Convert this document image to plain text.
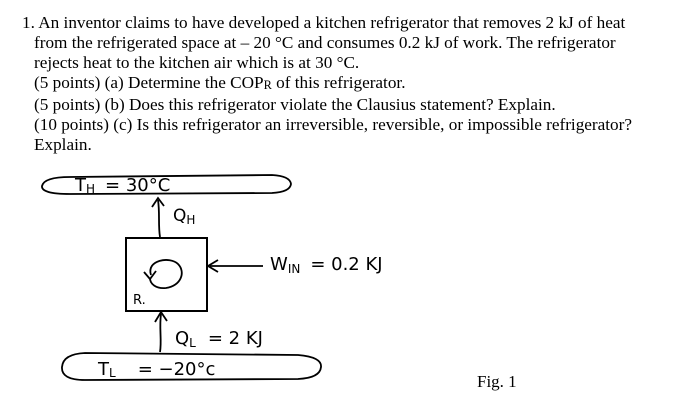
1. An inventor claims to have developed a kitchen refrigerator that removes 2 kJ of heat

from the refrigerated space at – 20 °C and consumes 0.2 kJ of work. The refrigerator

rejects heat to the kitchen air which is at 30 °C.

(5 points) (a) Determine the COPR of this refrigerator.

(5 points) (b) Does this refrigerator violate the Clausius statement? Explain.

(10 points) (c) Is this refrigerator an irreversible, reversible, or impossible refrigerator?

Explain.

TH = 30°C
QH
R.
WIN = 0.2 KJ
QL = 2 KJ
TL = −20°c
Fig. 1
